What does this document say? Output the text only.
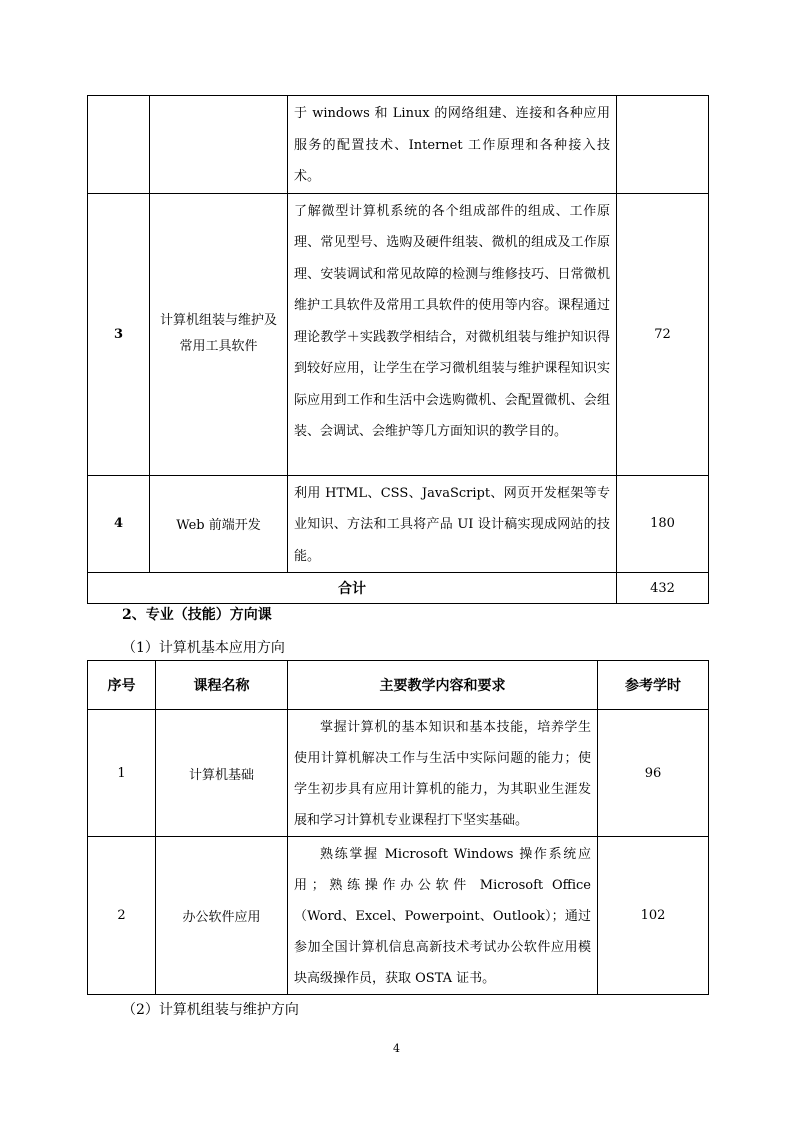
		于 windows 和 Linux 的网络组建、连接和各种应用服务的配置技术、Internet 工作原理和各种接入技术。	
3	计算机组装与维护及常用工具软件	了解微型计算机系统的各个组成部件的组成、工作原理、常见型号、选购及硬件组装、微机的组成及工作原理、安装调试和常见故障的检测与维修技巧、日常微机维护工具软件及常用工具软件的使用等内容。课程通过理论教学＋实践教学相结合，对微机组装与维护知识得到较好应用，让学生在学习微机组装与维护课程知识实际应用到工作和生活中会选购微机、会配置微机、会组装、会调试、会维护等几方面知识的教学目的。	72
4	Web 前端开发	利用 HTML、CSS、JavaScript、网页开发框架等专业知识、方法和工具将产品 UI 设计稿实现成网站的技能。	180
合计			432
2、专业（技能）方向课
（1）计算机基本应用方向
序号	课程名称	主要教学内容和要求	参考学时
1	计算机基础	掌握计算机的基本知识和基本技能，培养学生使用计算机解决工作与生活中实际问题的能力；使学生初步具有应用计算机的能力，为其职业生涯发展和学习计算机专业课程打下坚实基础。	96
2	办公软件应用	熟练掌握 Microsoft Windows 操作系统应用；熟练操作办公软件 Microsoft Office（Word、Excel、Powerpoint、Outlook）；通过参加全国计算机信息高新技术考试办公软件应用模块高级操作员，获取 OSTA 证书。	102
（2）计算机组装与维护方向
4
